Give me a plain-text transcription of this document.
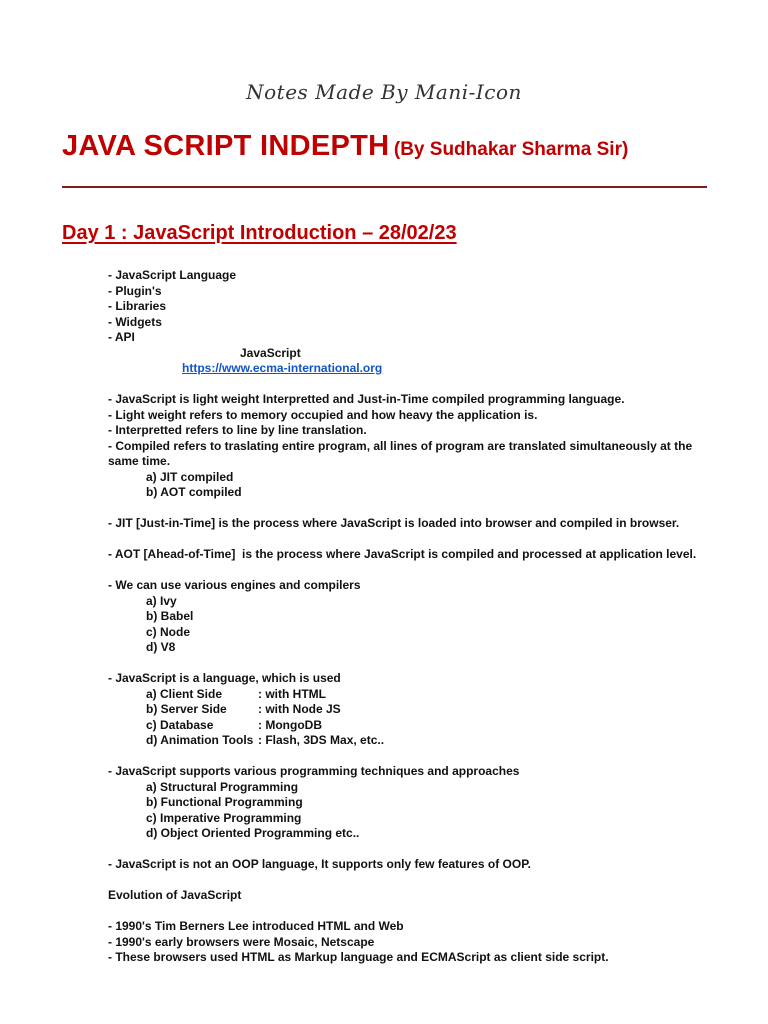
Notes Made By Mani-Icon
JAVA SCRIPT INDEPTH (By Sudhakar Sharma Sir)
Day 1 : JavaScript Introduction – 28/02/23
- JavaScript Language
- Plugin's
- Libraries
- Widgets
- API
JavaScript
https://www.ecma-international.org
- JavaScript is light weight Interpretted and Just-in-Time compiled programming language.
- Light weight refers to memory occupied and how heavy the application is.
- Interpretted refers to line by line translation.
- Compiled refers to traslating entire program, all lines of program are translated simultaneously at the same time.
a) JIT compiled
b) AOT compiled
- JIT [Just-in-Time] is the process where JavaScript is loaded into browser and compiled in browser.
- AOT [Ahead-of-Time]  is the process where JavaScript is compiled and processed at application level.
- We can use various engines and compilers
a) Ivy
b) Babel
c) Node
d) V8
- JavaScript is a language, which is used
a) Client Side	: with HTML
b) Server Side	: with Node JS
c) Database	: MongoDB
d) Animation Tools : Flash, 3DS Max, etc..
- JavaScript supports various programming techniques and approaches
a) Structural Programming
b) Functional Programming
c) Imperative Programming
d) Object Oriented Programming etc..
- JavaScript is not an OOP language, It supports only few features of OOP.
Evolution of JavaScript
- 1990's Tim Berners Lee introduced HTML and Web
- 1990's early browsers were Mosaic, Netscape
- These browsers used HTML as Markup language and ECMAScript as client side script.
